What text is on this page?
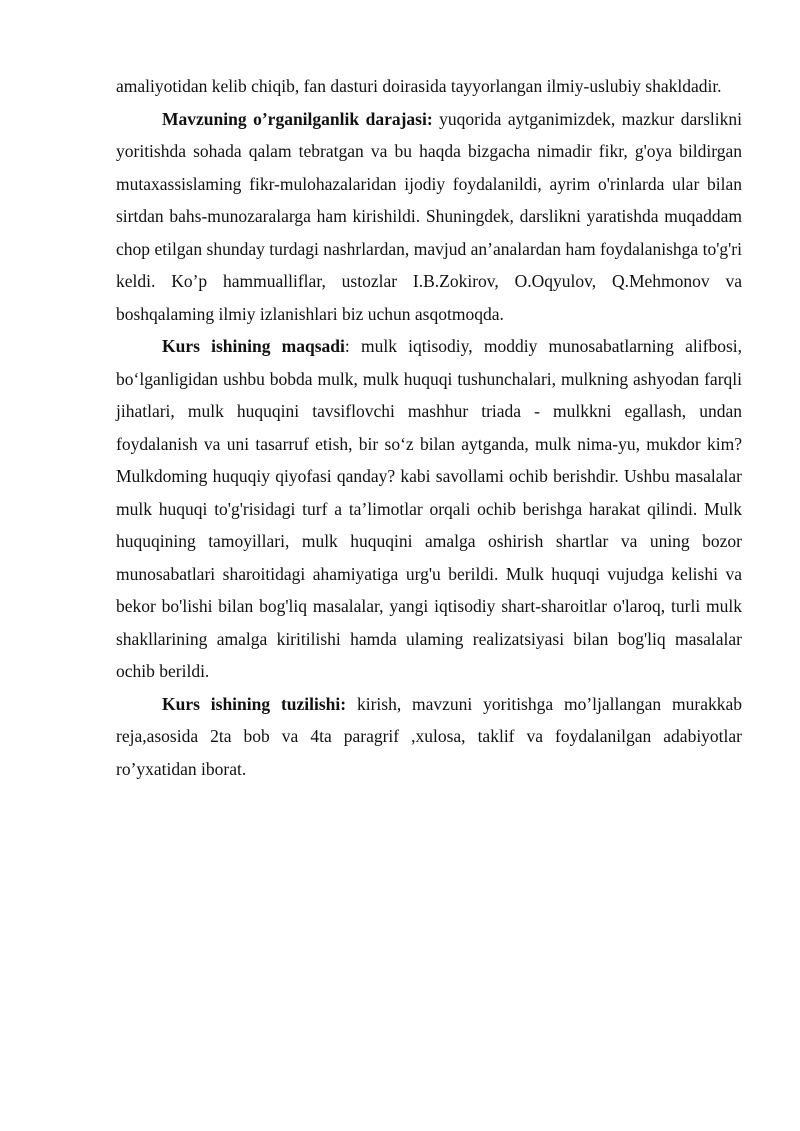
amaliyotidan kelib chiqib, fan dasturi doirasida tayyorlangan ilmiy-uslubiy shakldadir.

Mavzuning o’rganilganlik darajasi: yuqorida aytganimizdek, mazkur darslikni yoritishda sohada qalam tebratgan va bu haqda bizgacha nimadir fikr, g'oya bildirgan mutaxassislaming fikr-mulohazalaridan ijodiy foydalanildi, ayrim o'rinlarda ular bilan sirtdan bahs-munozaralarga ham kirishildi. Shuningdek, darslikni yaratishda muqaddam chop etilgan shunday turdagi nashrlardan, mavjud an’analardan ham foydalanishga to'g'ri keldi. Ko’p hammualliflar, ustozlar I.B.Zokirov, O.Oqyulov, Q.Mehmonov va boshqalaming ilmiy izlanishlari biz uchun asqotmoqda.

Kurs ishining maqsadi: mulk iqtisodiy, moddiy munosabatlarning alifbosi, bo‘lganligidan ushbu bobda mulk, mulk huquqi tushunchalari, mulkning ashyodan farqli jihatlari, mulk huquqini tavsiflovchi mashhur triada - mulkkni egallash, undan foydalanish va uni tasarruf etish, bir so‘z bilan aytganda, mulk nima-yu, mukdor kim? Mulkdoming huquqiy qiyofasi qanday? kabi savollami ochib berishdir. Ushbu masalalar mulk huquqi to'g'risidagi turf a ta’limotlar orqali ochib berishga harakat qilindi. Mulk huquqining tamoyillari, mulk huquqini amalga oshirish shartlar va uning bozor munosabatlari sharoitidagi ahamiyatiga urg'u berildi. Mulk huquqi vujudga kelishi va bekor bo'lishi bilan bog'liq masalalar, yangi iqtisodiy shart-sharoitlar o'laroq, turli mulk shakllarining amalga kiritilishi hamda ulaming realizatsiyasi bilan bog'liq masalalar ochib berildi.

Kurs ishining tuzilishi: kirish, mavzuni yoritishga mo’ljallangan murakkab reja,asosida 2ta bob va 4ta paragrif ,xulosa, taklif va foydalanilgan adabiyotlar ro’yxatidan iborat.
